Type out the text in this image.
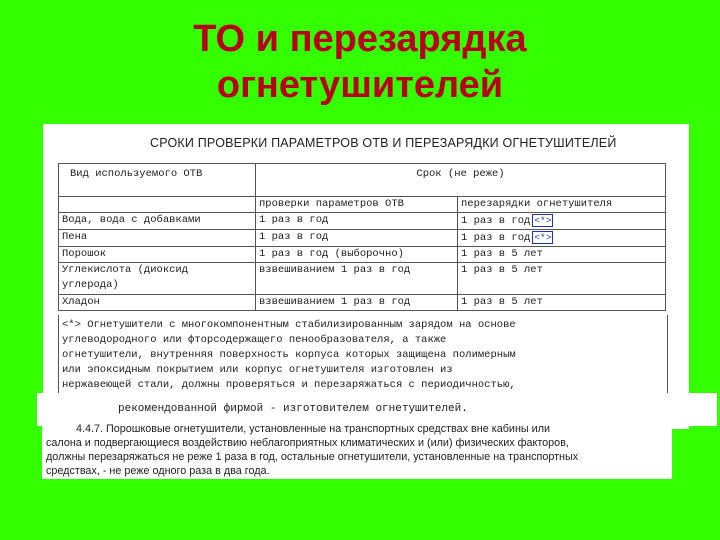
ТО и перезарядка
огнетушителей
СРОКИ ПРОВЕРКИ ПАРАМЕТРОВ ОТВ И ПЕРЕЗАРЯДКИ ОГНЕТУШИТЕЛЕЙ
Вид используемого ОТВ	Срок (не реже)	
	проверки параметров ОТВ	перезарядки огнетушителя
Вода, вода с добавками	1 раз в год	1 раз в год <*>
Пена	1 раз в год	1 раз в год <*>
Порошок	1 раз в год (выборочно)	1 раз в 5 лет

Углекислота (диоксид
углерода)	взвешиванием 1 раз в год	1 раз в 5 лет
Хладон	взвешиванием 1 раз в год	1 раз в 5 лет
<*> Огнетушители с многокомпонентным стабилизированным зарядом на основе
углеводородного или фторсодержащего пенообразователя, а также
огнетушители, внутренняя поверхность корпуса которых защищена полимерным
или эпоксидным покрытием или корпус огнетушителя изготовлен из
нержавеющей стали, должны проверяться и перезаряжаться с периодичностью,
рекомендованной фирмой - изготовителем огнетушителей.

4.4.7. Порошковые огнетушители, установленные на транспортных средствах вне кабины или
салона и подвергающиеся воздействию неблагоприятных климатических и (или) физических факторов,
должны перезаряжаться не реже 1 раза в год, остальные огнетушители, установленные на транспортных
средствах, - не реже одного раза в два года.
